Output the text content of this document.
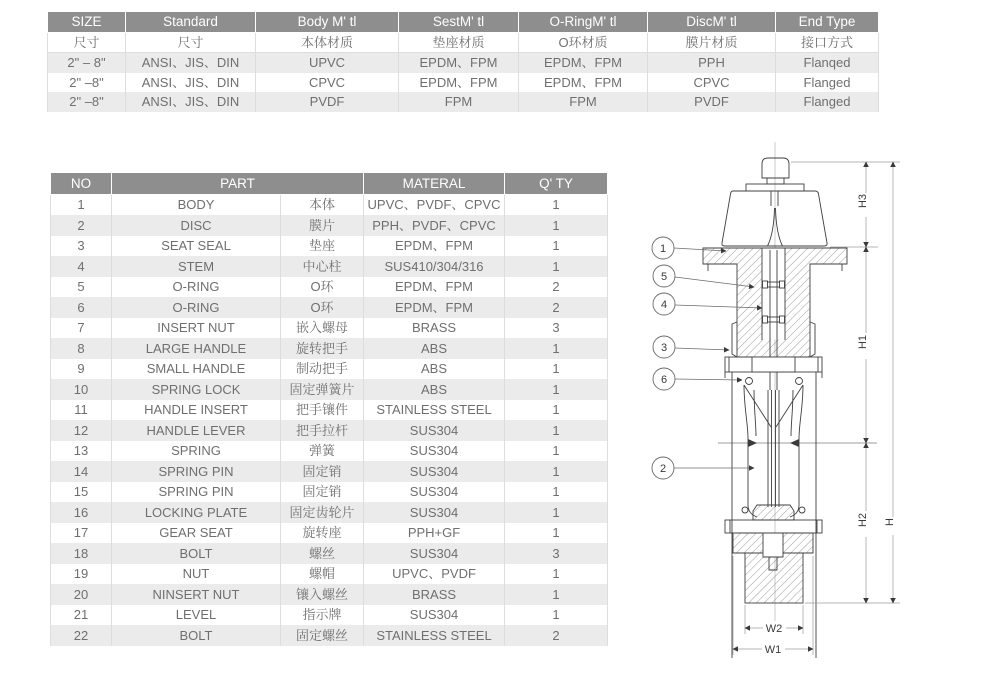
SIZE	Standard	Body M' tl	SestM' tl	O-RingM' tl	DiscM' tl	End Type
尺寸	尺寸	本体材质	垫座材质	O环材质	膜片材质	接口方式
2" – 8"	ANSI、JIS、DIN	UPVC	EPDM、FPM	EPDM、FPM	PPH	Flanqed
2" –8"	ANSI、JIS、DIN	CPVC	EPDM、FPM	EPDM、FPM	CPVC	Flanged
2" –8"	ANSI、JIS、DIN	PVDF	FPM	FPM	PVDF	Flanged
NO	PART		MATERAL	Q' TY
1	BODY	本体	UPVC、PVDF、CPVC	1
2	DISC	膜片	PPH、PVDF、CPVC	1
3	SEAT SEAL	垫座	EPDM、FPM	1
4	STEM	中心柱	SUS410/304/316	1
5	O-RING	O环	EPDM、FPM	2
6	O-RING	O环	EPDM、FPM	2
7	INSERT NUT	嵌入螺母	BRASS	3
8	LARGE HANDLE	旋转把手	ABS	1
9	SMALL HANDLE	制动把手	ABS	1
10	SPRING LOCK	固定弹簧片	ABS	1
11	HANDLE INSERT	把手镶件	STAINLESS STEEL	1
12	HANDLE LEVER	把手拉杆	SUS304	1
13	SPRING	弹簧	SUS304	1
14	SPRING PIN	固定销	SUS304	1
15	SPRING PIN	固定销	SUS304	1
16	LOCKING PLATE	固定齿轮片	SUS304	1
17	GEAR SEAT	旋转座	PPH+GF	1
18	BOLT	螺丝	SUS304	3
19	NUT	螺帽	UPVC、PVDF	1
20	NINSERT NUT	镶入螺丝	BRASS	1
21	LEVEL	指示牌	SUS304	1
22	BOLT	固定螺丝	STAINLESS STEEL	2
H3
H1
H2 H
W2
W1
1
5
4
3
6
2
